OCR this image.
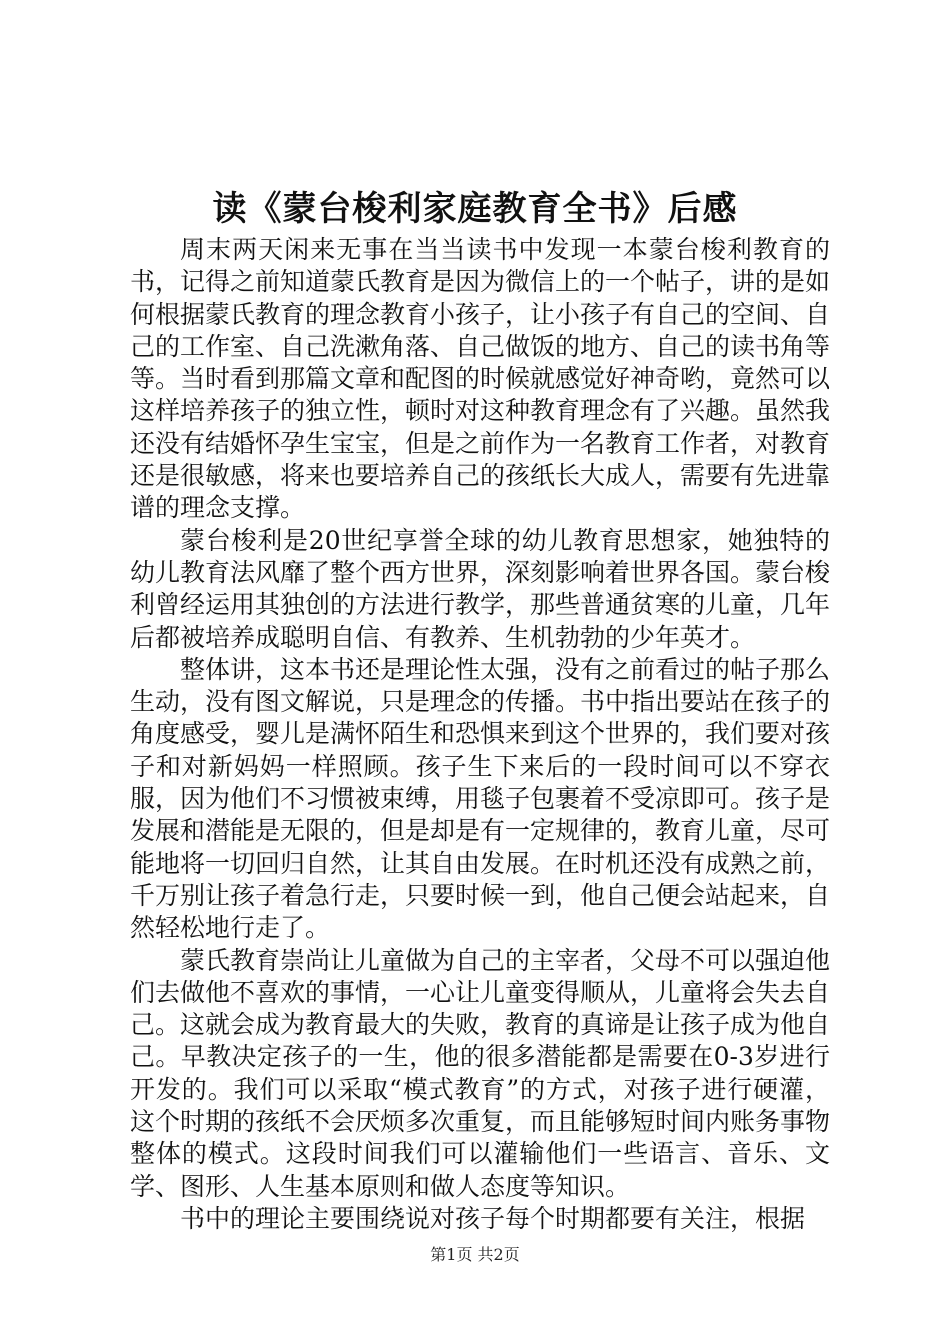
读《蒙台梭利家庭教育全书》后感

周末两天闲来无事在当当读书中发现一本蒙台梭利教育的书，记得之前知道蒙氏教育是因为微信上的一个帖子，讲的是如何根据蒙氏教育的理念教育小孩子，让小孩子有自己的空间、自己的工作室、自己洗漱角落、自己做饭的地方、自己的读书角等等。当时看到那篇文章和配图的时候就感觉好神奇哟，竟然可以这样培养孩子的独立性，顿时对这种教育理念有了兴趣。虽然我还没有结婚怀孕生宝宝，但是之前作为一名教育工作者，对教育还是很敏感，将来也要培养自己的孩纸长大成人，需要有先进靠谱的理念支撑。

蒙台梭利是20世纪享誉全球的幼儿教育思想家，她独特的幼儿教育法风靡了整个西方世界，深刻影响着世界各国。蒙台梭利曾经运用其独创的方法进行教学，那些普通贫寒的儿童，几年后都被培养成聪明自信、有教养、生机勃勃的少年英才。

整体讲，这本书还是理论性太强，没有之前看过的帖子那么生动，没有图文解说，只是理念的传播。书中指出要站在孩子的角度感受，婴儿是满怀陌生和恐惧来到这个世界的，我们要对孩子和对新妈妈一样照顾。孩子生下来后的一段时间可以不穿衣服，因为他们不习惯被束缚，用毯子包裹着不受凉即可。孩子是发展和潜能是无限的，但是却是有一定规律的，教育儿童，尽可能地将一切回归自然，让其自由发展。在时机还没有成熟之前，千万别让孩子着急行走，只要时候一到，他自己便会站起来，自然轻松地行走了。

蒙氏教育崇尚让儿童做为自己的主宰者，父母不可以强迫他们去做他不喜欢的事情，一心让儿童变得顺从，儿童将会失去自己。这就会成为教育最大的失败，教育的真谛是让孩子成为他自己。早教决定孩子的一生，他的很多潜能都是需要在0-3岁进行开发的。我们可以采取“模式教育”的方式，对孩子进行硬灌，这个时期的孩纸不会厌烦多次重复，而且能够短时间内账务事物整体的模式。这段时间我们可以灌输他们一些语言、音乐、文学、图形、人生基本原则和做人态度等知识。

书中的理论主要围绕说对孩子每个时期都要有关注，根据

第1页 共2页
